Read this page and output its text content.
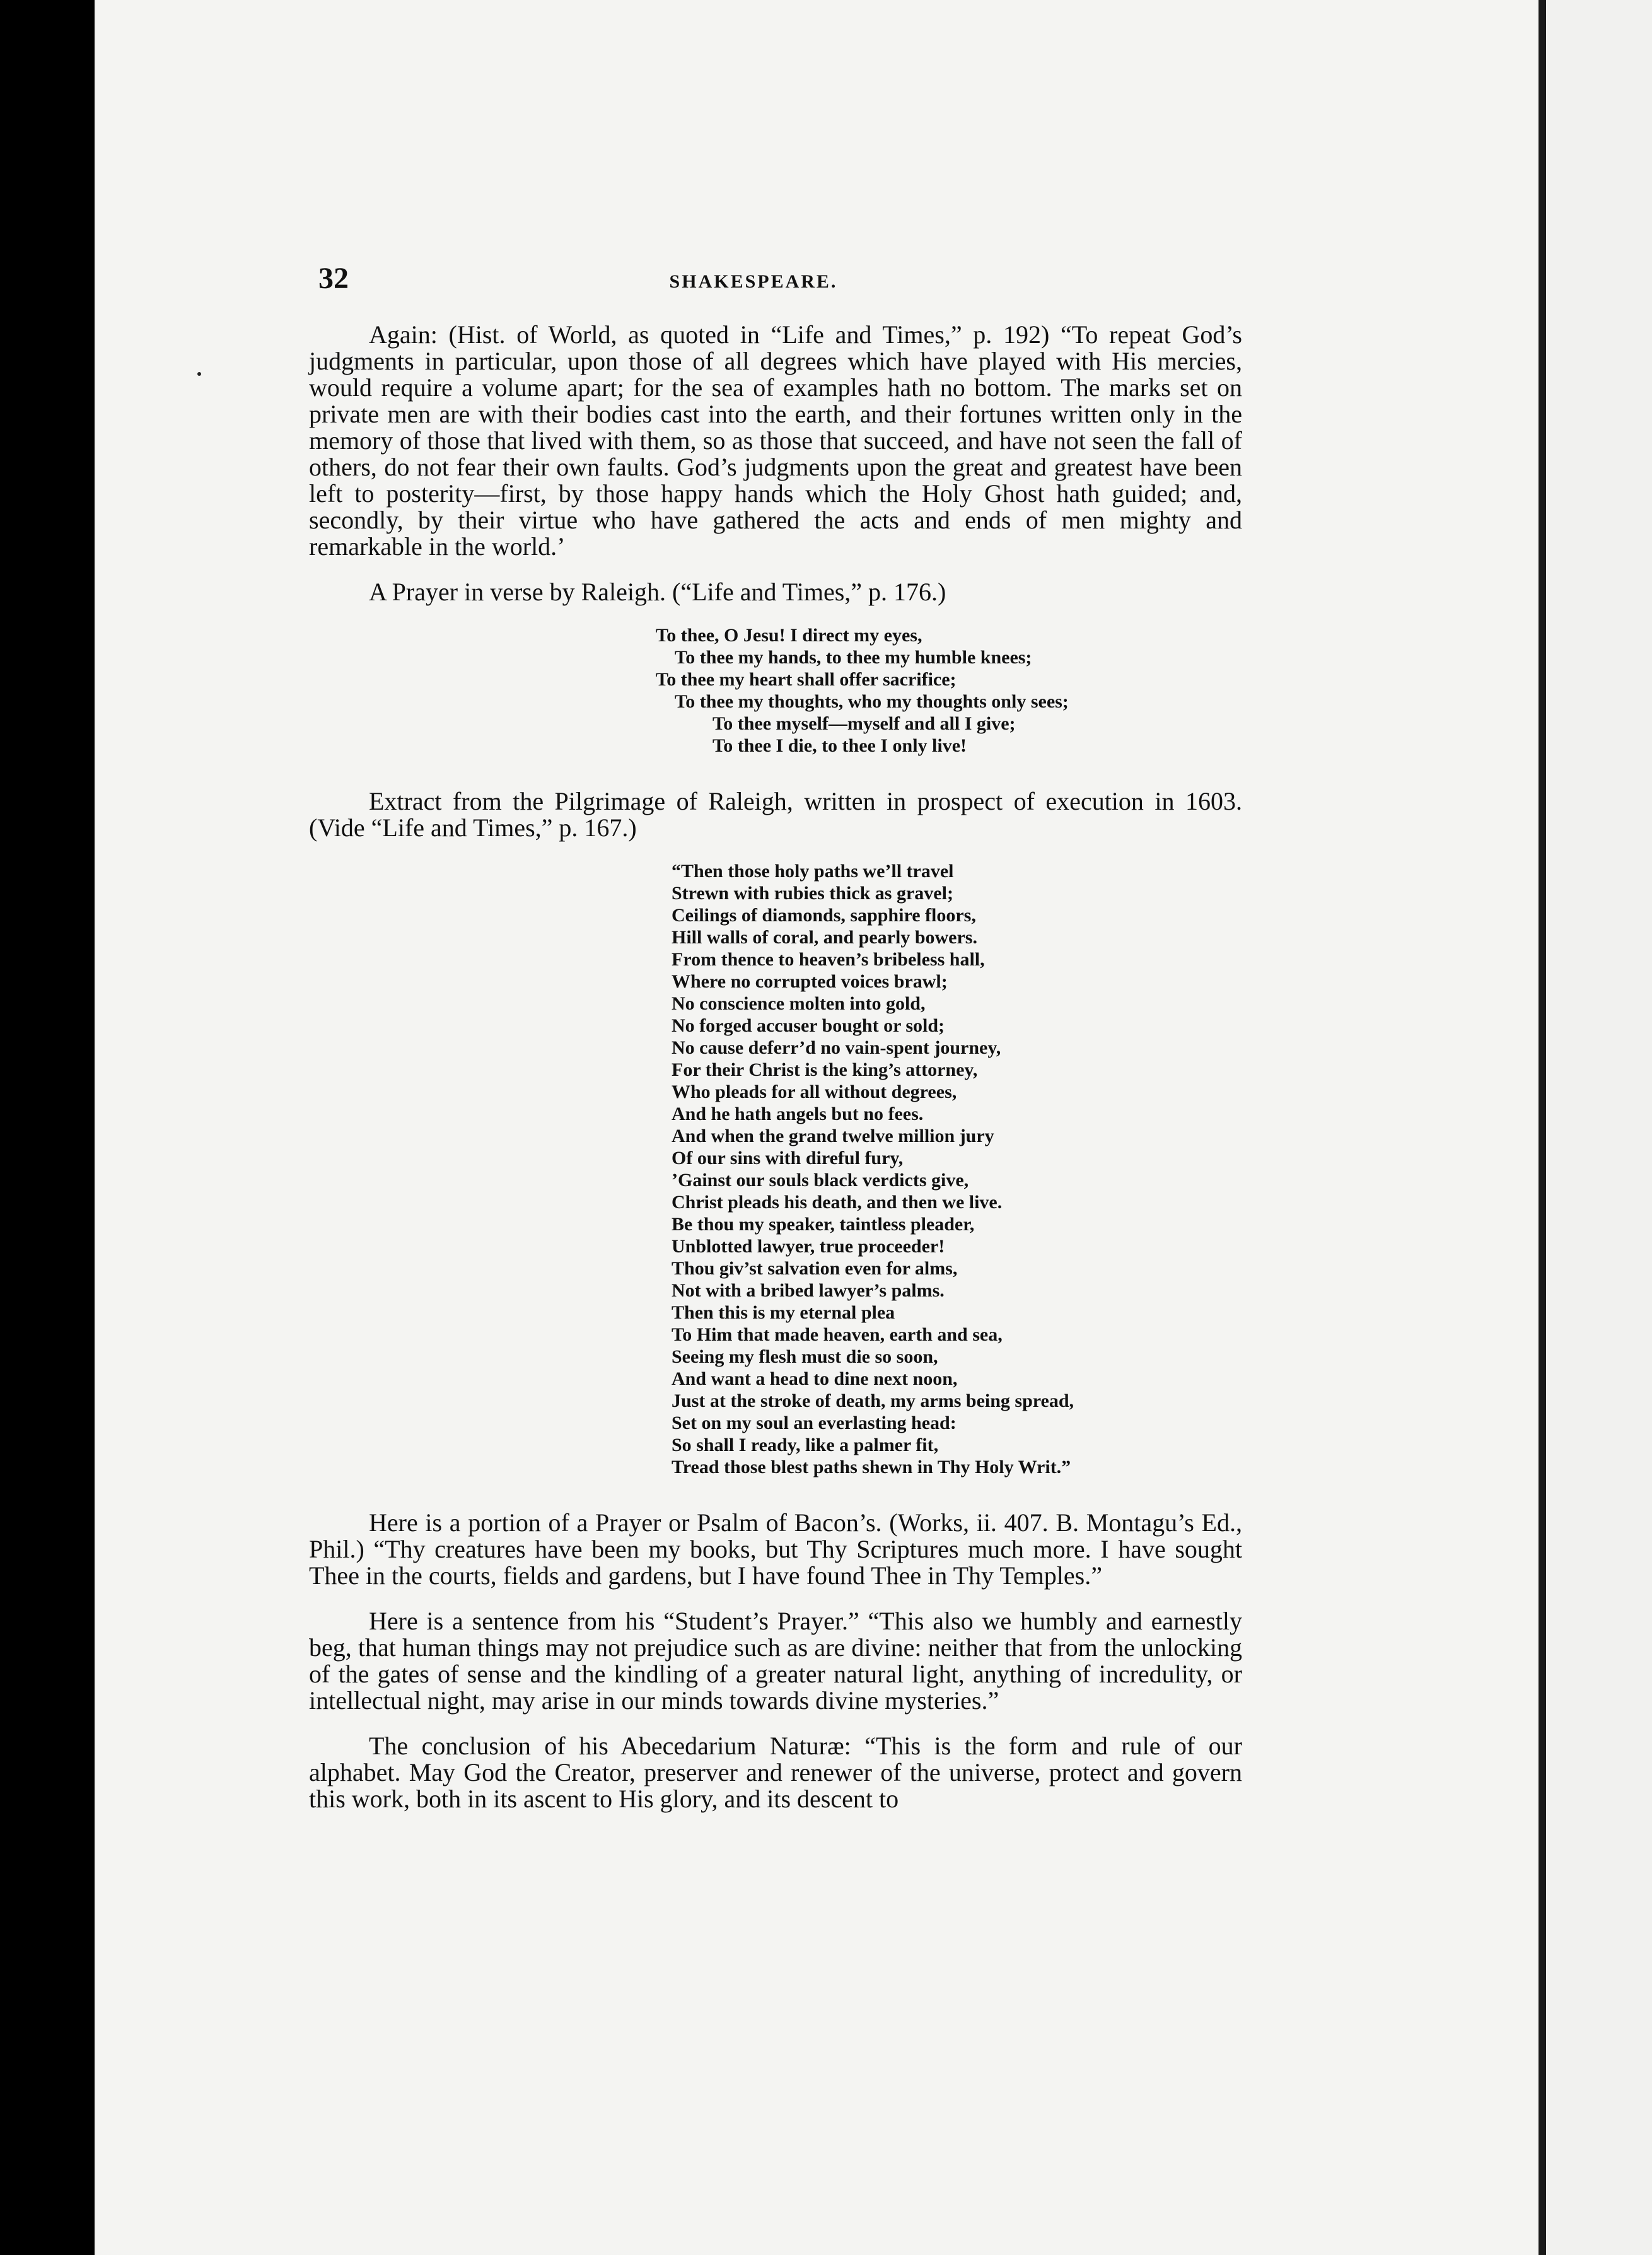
32	SHAKESPEARE.

Again: (Hist. of World, as quoted in “Life and Times,” p. 192) “To repeat God’s judgments in particular, upon those of all degrees which have played with His mercies, would require a volume apart; for the sea of examples hath no bottom. The marks set on private men are with their bodies cast into the earth, and their fortunes written only in the memory of those that lived with them, so as those that succeed, and have not seen the fall of others, do not fear their own faults. God’s judgments upon the great and greatest have been left to posterity—first, by those happy hands which the Holy Ghost hath guided; and, secondly, by their virtue who have gathered the acts and ends of men mighty and remarkable in the world.’

A Prayer in verse by Raleigh. (“Life and Times,” p. 176.)

To thee, O Jesu! I direct my eyes,
To thee my hands, to thee my humble knees;
To thee my heart shall offer sacrifice;
To thee my thoughts, who my thoughts only sees;
To thee myself—myself and all I give;
To thee I die, to thee I only live!

Extract from the Pilgrimage of Raleigh, written in prospect of execution in 1603. (Vide “Life and Times,” p. 167.)

“Then those holy paths we’ll travel
Strewn with rubies thick as gravel;
Ceilings of diamonds, sapphire floors,
Hill walls of coral, and pearly bowers.
From thence to heaven’s bribeless hall,
Where no corrupted voices brawl;
No conscience molten into gold,
No forged accuser bought or sold;
No cause deferr’d no vain-spent journey,
For their Christ is the king’s attorney,
Who pleads for all without degrees,
And he hath angels but no fees.
And when the grand twelve million jury
Of our sins with direful fury,
’Gainst our souls black verdicts give,
Christ pleads his death, and then we live.
Be thou my speaker, taintless pleader,
Unblotted lawyer, true proceeder!
Thou giv’st salvation even for alms,
Not with a bribed lawyer’s palms.
Then this is my eternal plea
To Him that made heaven, earth and sea,
Seeing my flesh must die so soon,
And want a head to dine next noon,
Just at the stroke of death, my arms being spread,
Set on my soul an everlasting head:
So shall I ready, like a palmer fit,
Tread those blest paths shewn in Thy Holy Writ.”

Here is a portion of a Prayer or Psalm of Bacon’s. (Works, ii. 407. B. Montagu’s Ed., Phil.) “Thy creatures have been my books, but Thy Scriptures much more. I have sought Thee in the courts, fields and gardens, but I have found Thee in Thy Temples.”

Here is a sentence from his “Student’s Prayer.” “This also we humbly and earnestly beg, that human things may not prejudice such as are divine: neither that from the unlocking of the gates of sense and the kindling of a greater natural light, anything of incredulity, or intellectual night, may arise in our minds towards divine mysteries.”

The conclusion of his Abecedarium Naturæ: “This is the form and rule of our alphabet. May God the Creator, preserver and renewer of the universe, protect and govern this work, both in its ascent to His glory, and its descent to
